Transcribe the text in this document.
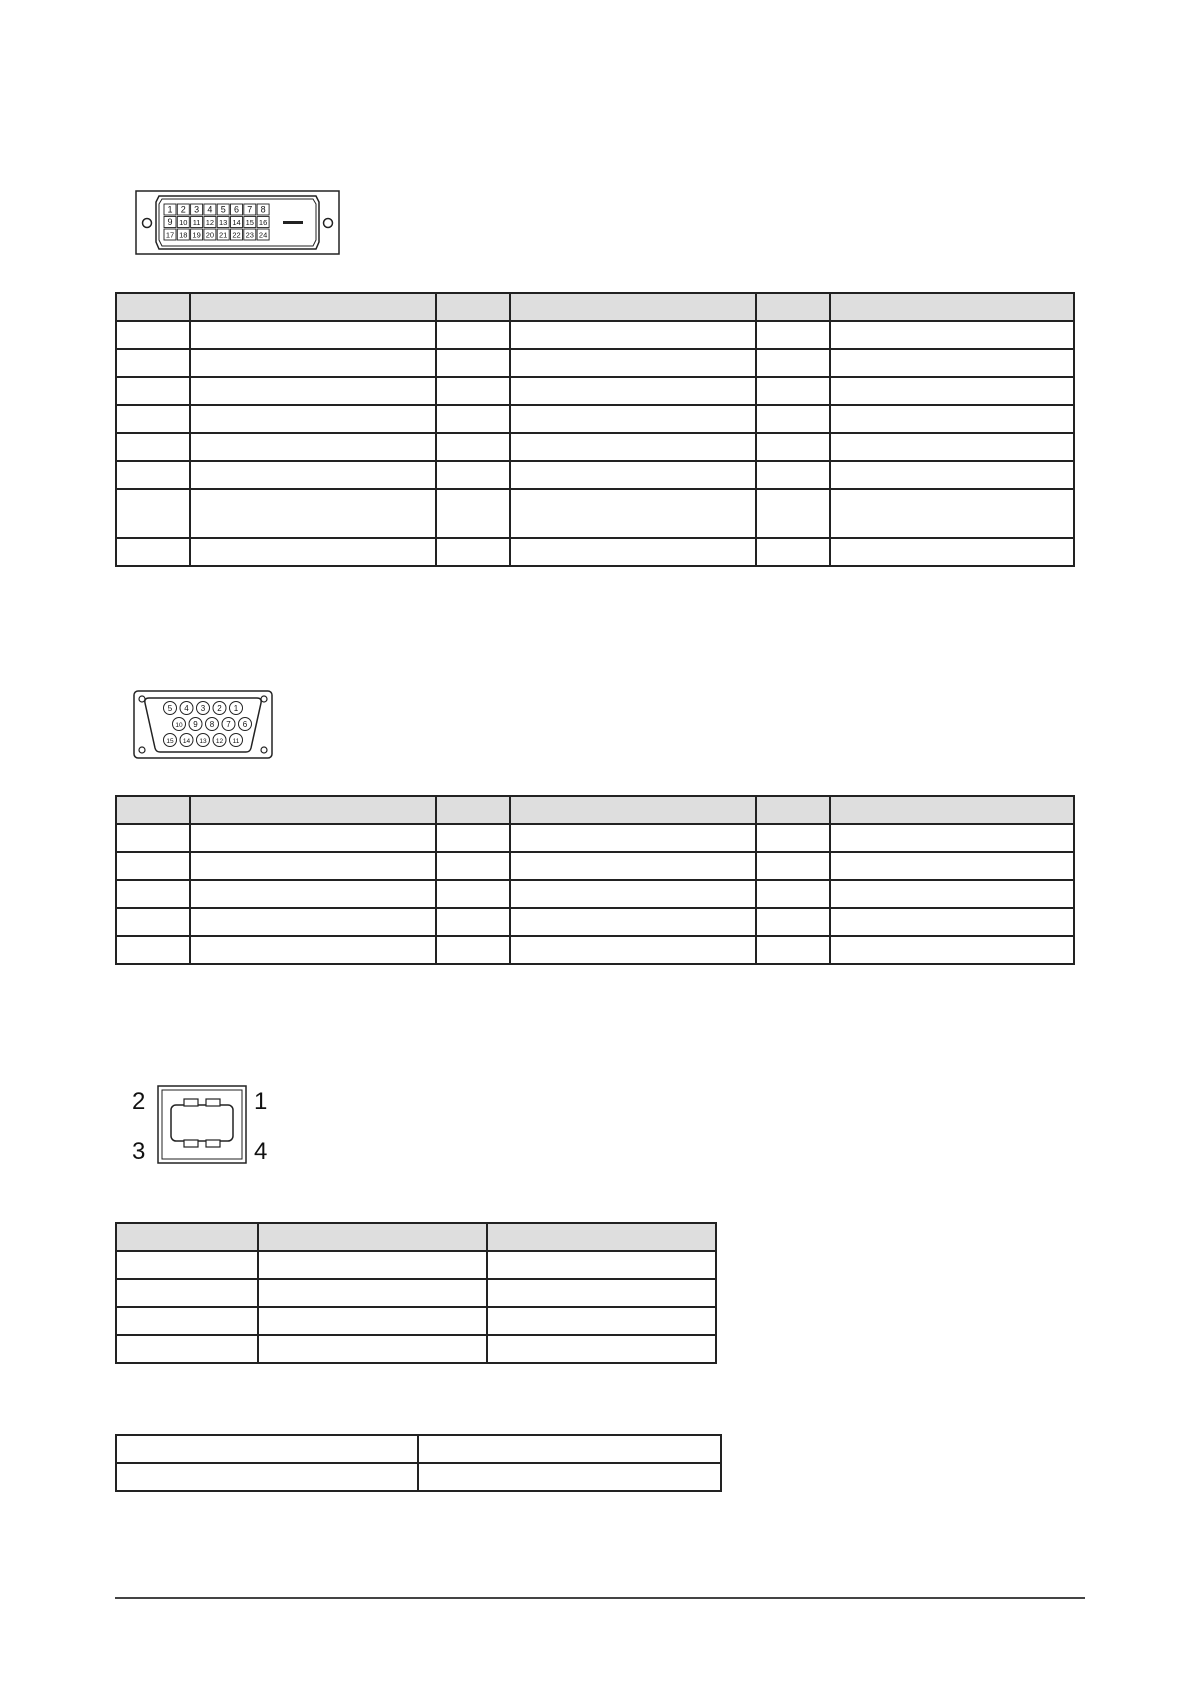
1 2 3 4 5 6 7 8
9 10 11 12 13 14 15 16
17 18 19 20 21 22 23 24

5 4 3 2 1
10 9 8 7 6
15 14 13 12 11

2	1
3	4
